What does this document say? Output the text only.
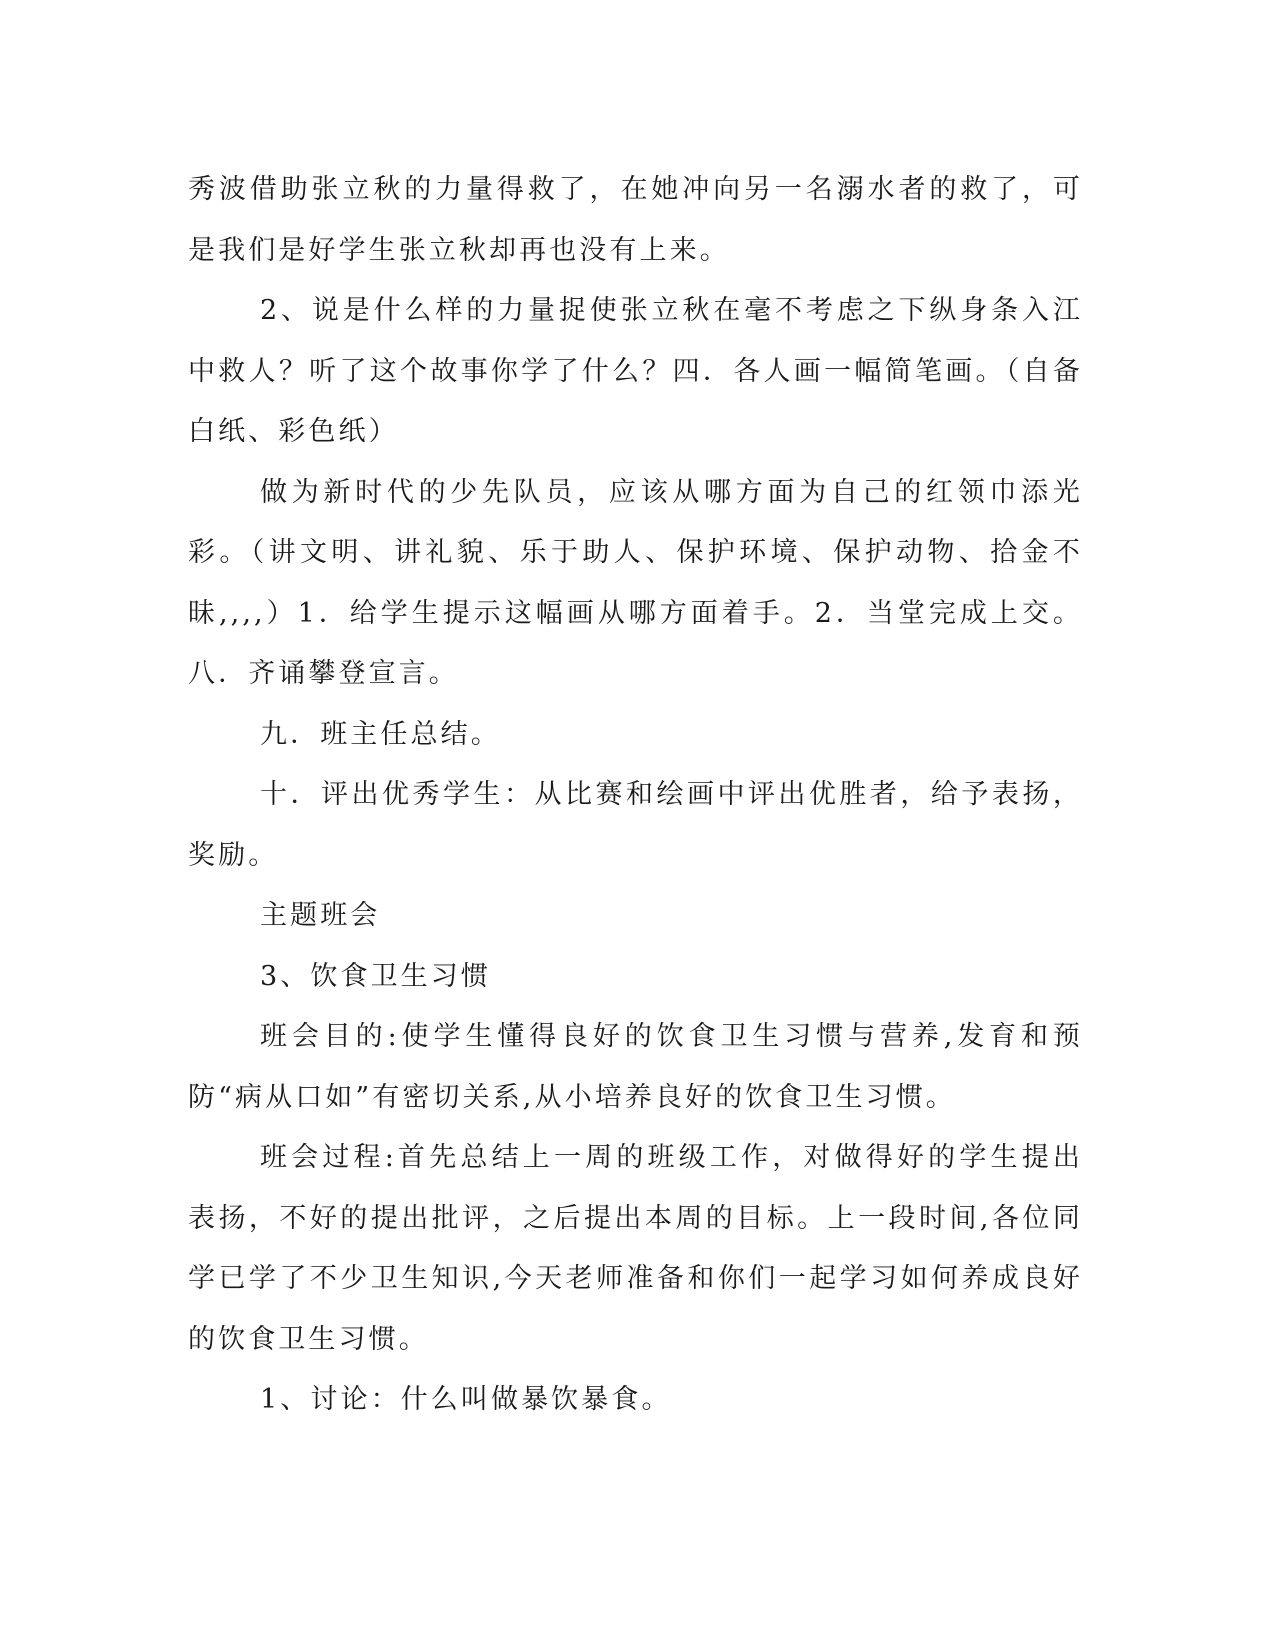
秀波借助张立秋的力量得救了，在她冲向另一名溺水者的救了，可是我们是好学生张立秋却再也没有上来。

2、说是什么样的力量捉使张立秋在毫不考虑之下纵身条入江中救人？听了这个故事你学了什么？四．各人画一幅简笔画。（自备白纸、彩色纸）

做为新时代的少先队员，应该从哪方面为自己的红领巾添光彩。（讲文明、讲礼貌、乐于助人、保护环境、保护动物、拾金不昧,,,,）1．给学生提示这幅画从哪方面着手。2．当堂完成上交。八．齐诵攀登宣言。

九．班主任总结。

十．评出优秀学生：从比赛和绘画中评出优胜者，给予表扬，奖励。

主题班会

3、饮食卫生习惯

班会目的:使学生懂得良好的饮食卫生习惯与营养,发育和预防“病从口如”有密切关系,从小培养良好的饮食卫生习惯。

班会过程:首先总结上一周的班级工作，对做得好的学生提出表扬，不好的提出批评，之后提出本周的目标。上一段时间,各位同学已学了不少卫生知识,今天老师准备和你们一起学习如何养成良好的饮食卫生习惯。

1、讨论：什么叫做暴饮暴食。
